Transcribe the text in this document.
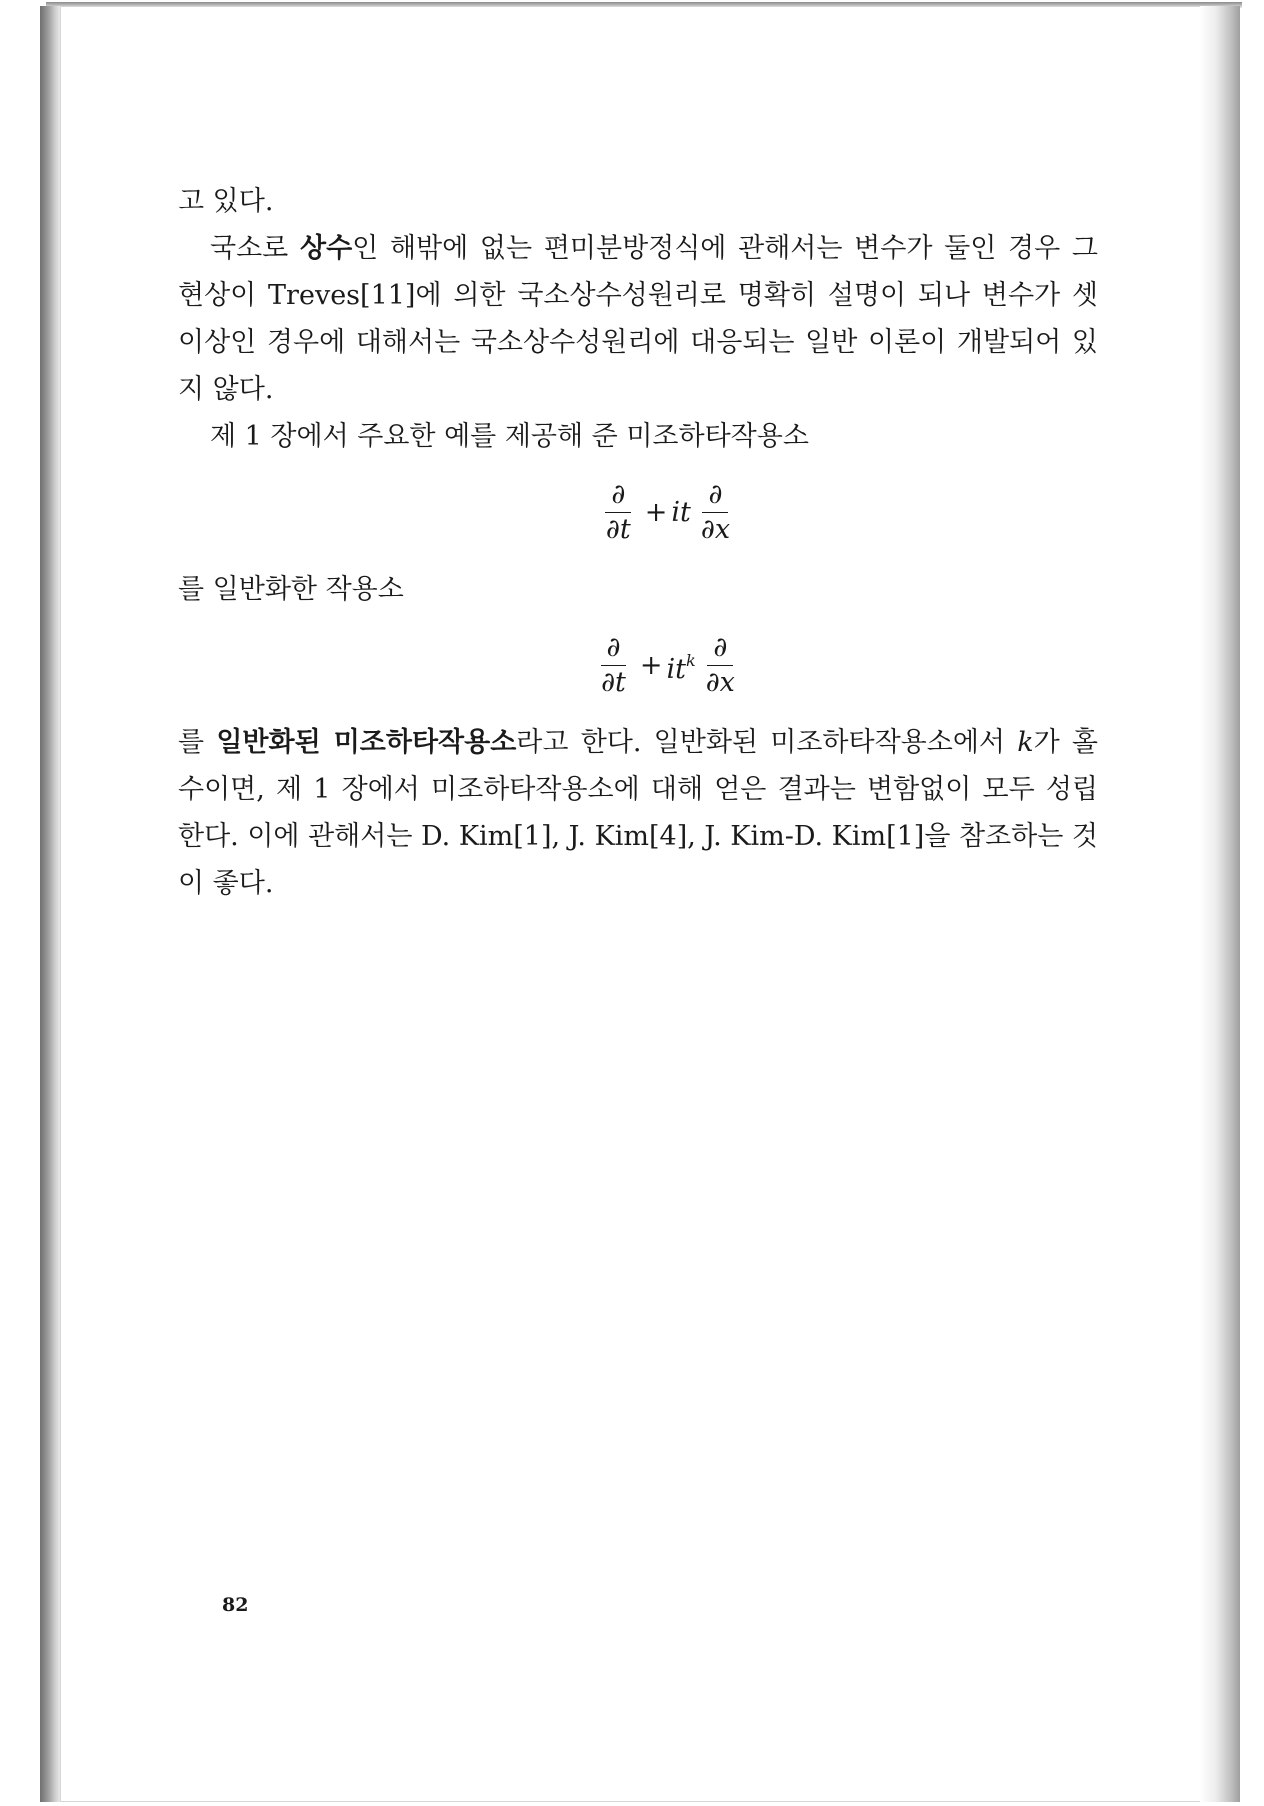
고 있다.

국소로 상수인 해밖에 없는 편미분방정식에 관해서는 변수가 둘인 경우 그 현상이 Treves[11]에 의한 국소상수성원리로 명확히 설명이 되나 변수가 셋 이상인 경우에 대해서는 국소상수성원리에 대응되는 일반 이론이 개발되어 있지 않다.

제 1 장에서 주요한 예를 제공해 준 미조하타작용소

$\frac{\partial}{\partial t}$ + it $\frac{\partial}{\partial x}$

를 일반화한 작용소

$\frac{\partial}{\partial t} + it^k \frac{\partial}{\partial x}$

를 일반화된 미조하타작용소라고 한다. 일반화된 미조하타작용소에서 k가 홀수이면, 제 1 장에서 미조하타작용소에 대해 얻은 결과는 변함없이 모두 성립한다. 이에 관해서는 D. Kim[1], J. Kim[4], J. Kim-D. Kim[1]을 참조하는 것이 좋다.

82
